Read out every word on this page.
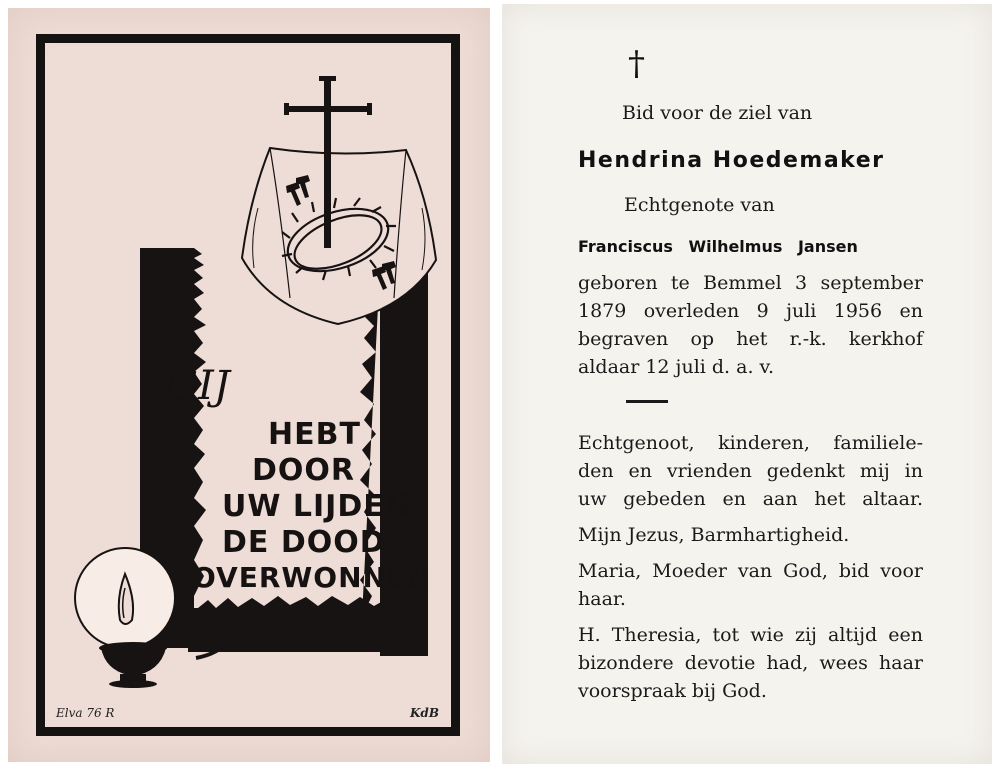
GIJ
HEBT
DOOR
UW LIJDEN
DE DOOD
OVERWONNEN
Elva 76 R	KdB
†
Bid voor de ziel van
Hendrina Hoedemaker
Echtgenote van
Franciscus Wilhelmus Jansen
geboren te Bemmel 3 september
1879 overleden 9 juli 1956 en
begraven op het r.-k. kerkhof
aldaar 12 juli d. a. v.
Echtgenoot, kinderen, familiele-
den en vrienden gedenkt mij in
uw gebeden en aan het altaar.
Mijn Jezus, Barmhartigheid.
Maria, Moeder van God, bid voor
haar.
H. Theresia, tot wie zij altijd een
bizondere devotie had, wees haar
voorspraak bij God.
